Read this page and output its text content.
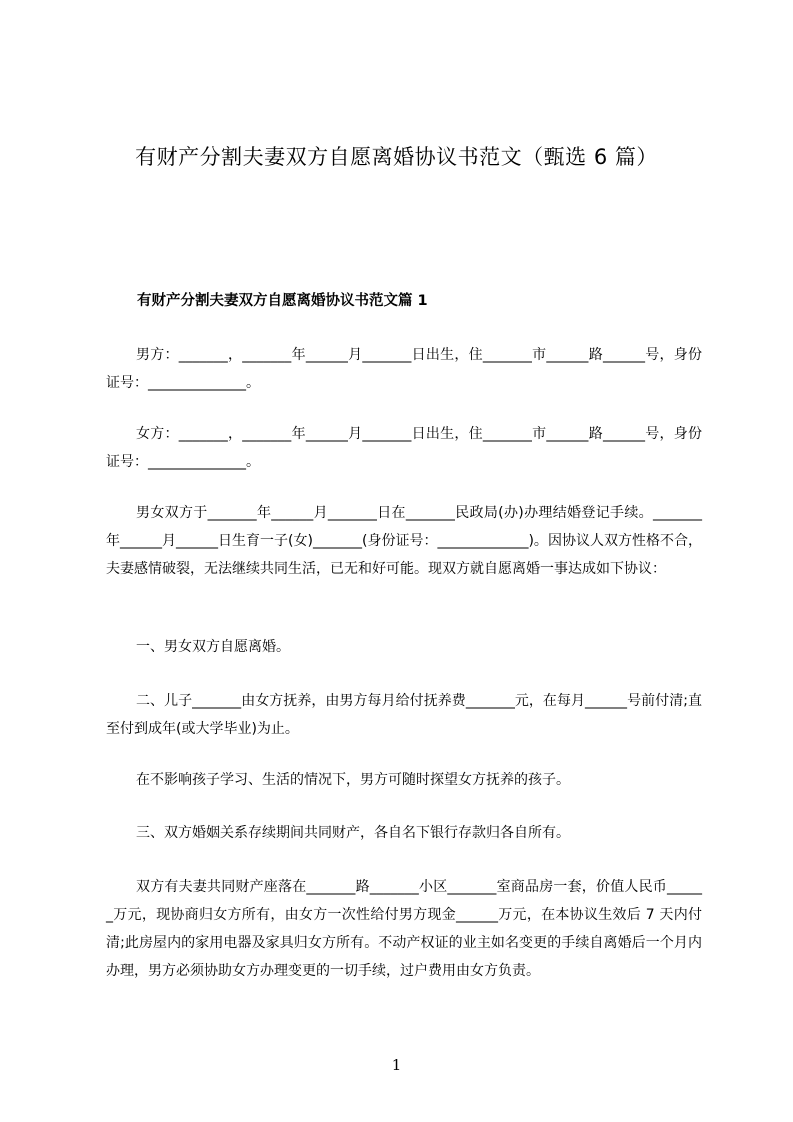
有财产分割夫妻双方自愿离婚协议书范文（甄选 6 篇）
有财产分割夫妻双方自愿离婚协议书范文篇 1
男方：_______，_______年______月_______日出生，住_______市______路______号，身份证号：______________。
女方：_______，_______年______月_______日出生，住_______市______路______号，身份证号：______________。
男女双方于_______年______月_______日在_______民政局(办)办理结婚登记手续。_______年______月______日生育一子(女)_______(身份证号：_____________)。因协议人双方性格不合，夫妻感情破裂，无法继续共同生活，已无和好可能。现双方就自愿离婚一事达成如下协议：
一、男女双方自愿离婚。
二、儿子_______由女方抚养，由男方每月给付抚养费_______元，在每月______号前付清;直至付到成年(或大学毕业)为止。
在不影响孩子学习、生活的情况下，男方可随时探望女方抚养的孩子。
三、双方婚姻关系存续期间共同财产，各自名下银行存款归各自所有。
双方有夫妻共同财产座落在_______路_______小区_______室商品房一套，价值人民币______万元，现协商归女方所有，由女方一次性给付男方现金______万元，在本协议生效后 7 天内付清;此房屋内的家用电器及家具归女方所有。不动产权证的业主如名变更的手续自离婚后一个月内办理，男方必须协助女方办理变更的一切手续，过户费用由女方负责。
1
